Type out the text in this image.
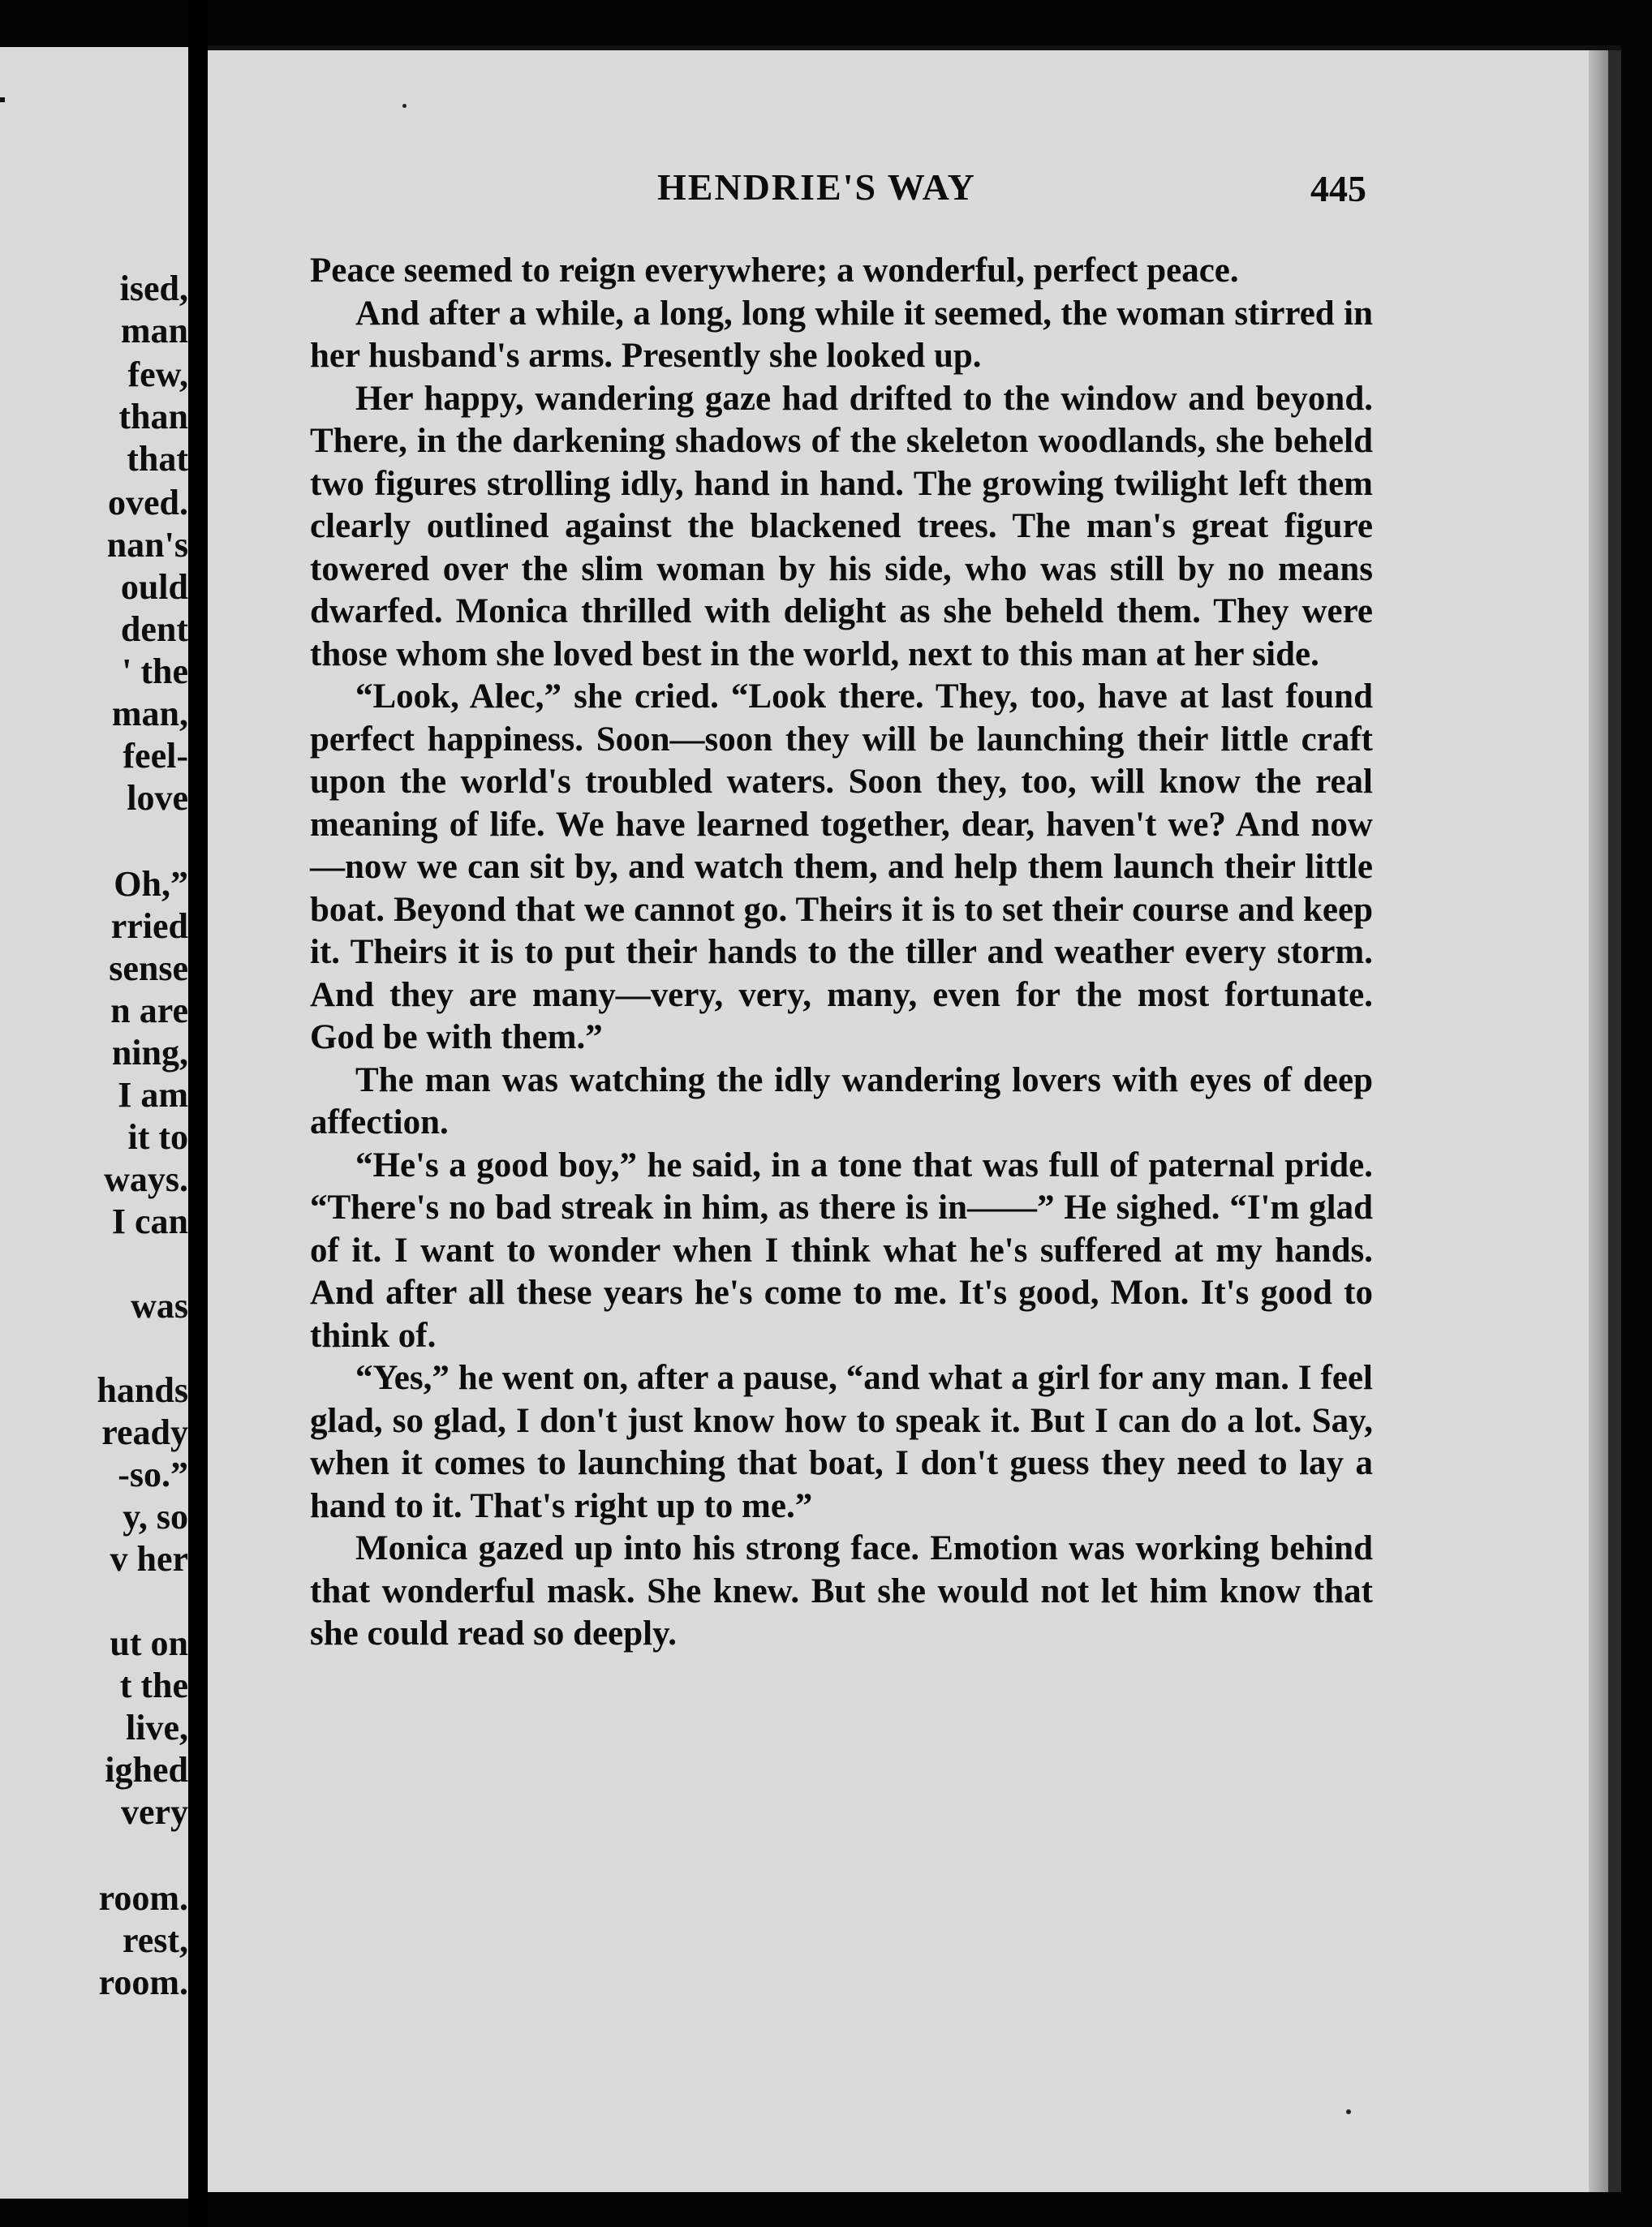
ised,
man
few,
than
that
oved.
nan's
ould
dent
' the
man,
feel-
love
Oh,”
rried
sense
n are
ning,
I am
it to
ways.
I can
was
hands
ready
-so.”
y, so
v her
ut on
t the
live,
ighed
very
room.
rest,
room.
HENDRIE'S WAY	445

Peace seemed to reign everywhere; a wonderful, perfect peace.

And after a while, a long, long while it seemed, the woman stirred in her husband's arms. Presently she looked up.

Her happy, wandering gaze had drifted to the window and beyond. There, in the darkening shadows of the skeleton woodlands, she beheld two figures strolling idly, hand in hand. The growing twilight left them clearly outlined against the blackened trees. The man's great figure towered over the slim woman by his side, who was still by no means dwarfed. Monica thrilled with delight as she beheld them. They were those whom she loved best in the world, next to this man at her side.

“Look, Alec,” she cried. “Look there. They, too, have at last found perfect happiness. Soon—soon they will be launching their little craft upon the world's troubled waters. Soon they, too, will know the real meaning of life. We have learned together, dear, haven't we? And now—now we can sit by, and watch them, and help them launch their little boat. Beyond that we cannot go. Theirs it is to set their course and keep it. Theirs it is to put their hands to the tiller and weather every storm. And they are many—very, very, many, even for the most fortunate. God be with them.”

The man was watching the idly wandering lovers with eyes of deep affection.

“He's a good boy,” he said, in a tone that was full of paternal pride. “There's no bad streak in him, as there is in——” He sighed. “I'm glad of it. I want to wonder when I think what he's suffered at my hands. And after all these years he's come to me. It's good, Mon. It's good to think of.

“Yes,” he went on, after a pause, “and what a girl for any man. I feel glad, so glad, I don't just know how to speak it. But I can do a lot. Say, when it comes to launching that boat, I don't guess they need to lay a hand to it. That's right up to me.”

Monica gazed up into his strong face. Emotion was working behind that wonderful mask. She knew. But she would not let him know that she could read so deeply.
